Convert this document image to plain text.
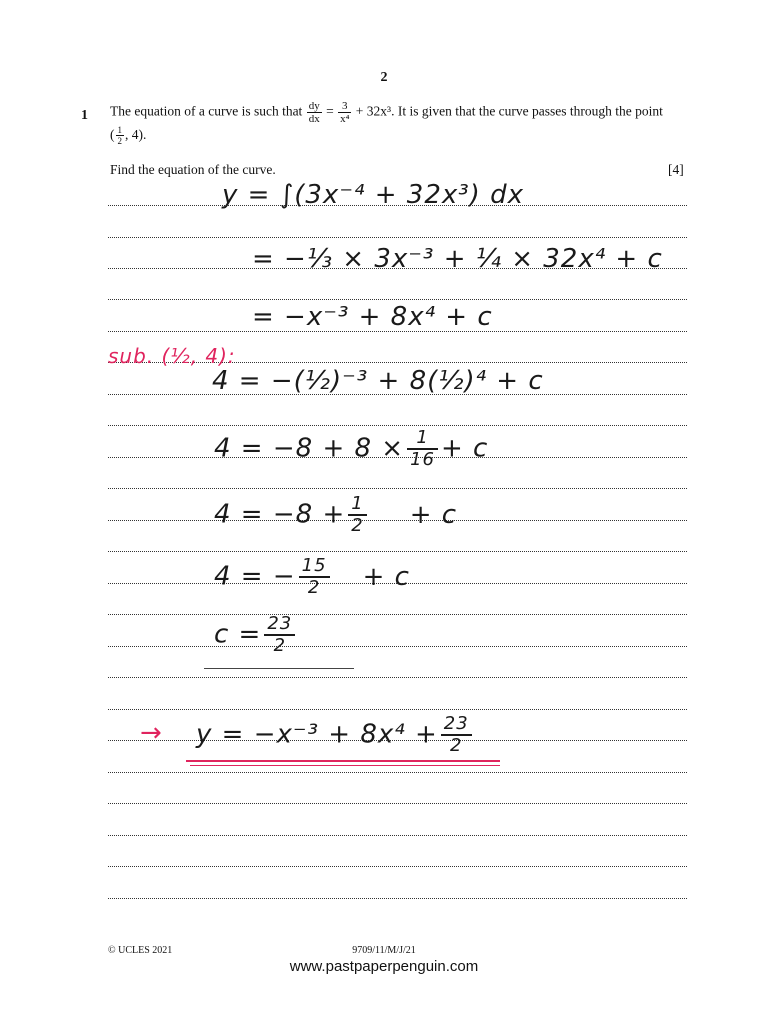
2
1 The equation of a curve is such that $\frac{dy}{dx} = \frac{3}{\text{x⁴}} + 32x^3$. It is given that the curve passes through the point
( $\frac{1}{2}$ , 4).
Find the equation of the curve.	[4]
y = ∫(3x⁻⁴ + 32x³) dx
= −⅓ × 3x⁻³ + ¼ × 32x⁴ + c
= −x⁻³ + 8x⁴ + c
sub. (½, 4):
4 = −(½)⁻³ + 8(½)⁴ + c
$4 = -8 + 8 \times \frac{1}{16} + c$
$4 = -8 + \frac{1}{2} + c$
4 = − $\frac{15}{2} + c$
$c = \frac{23}{2}$
→ $y = -x^{-3} + 8x^4 + \frac{23}{2}$
© UCLES 2021	9709/11/M/J/21
www.pastpaperpenguin.com
